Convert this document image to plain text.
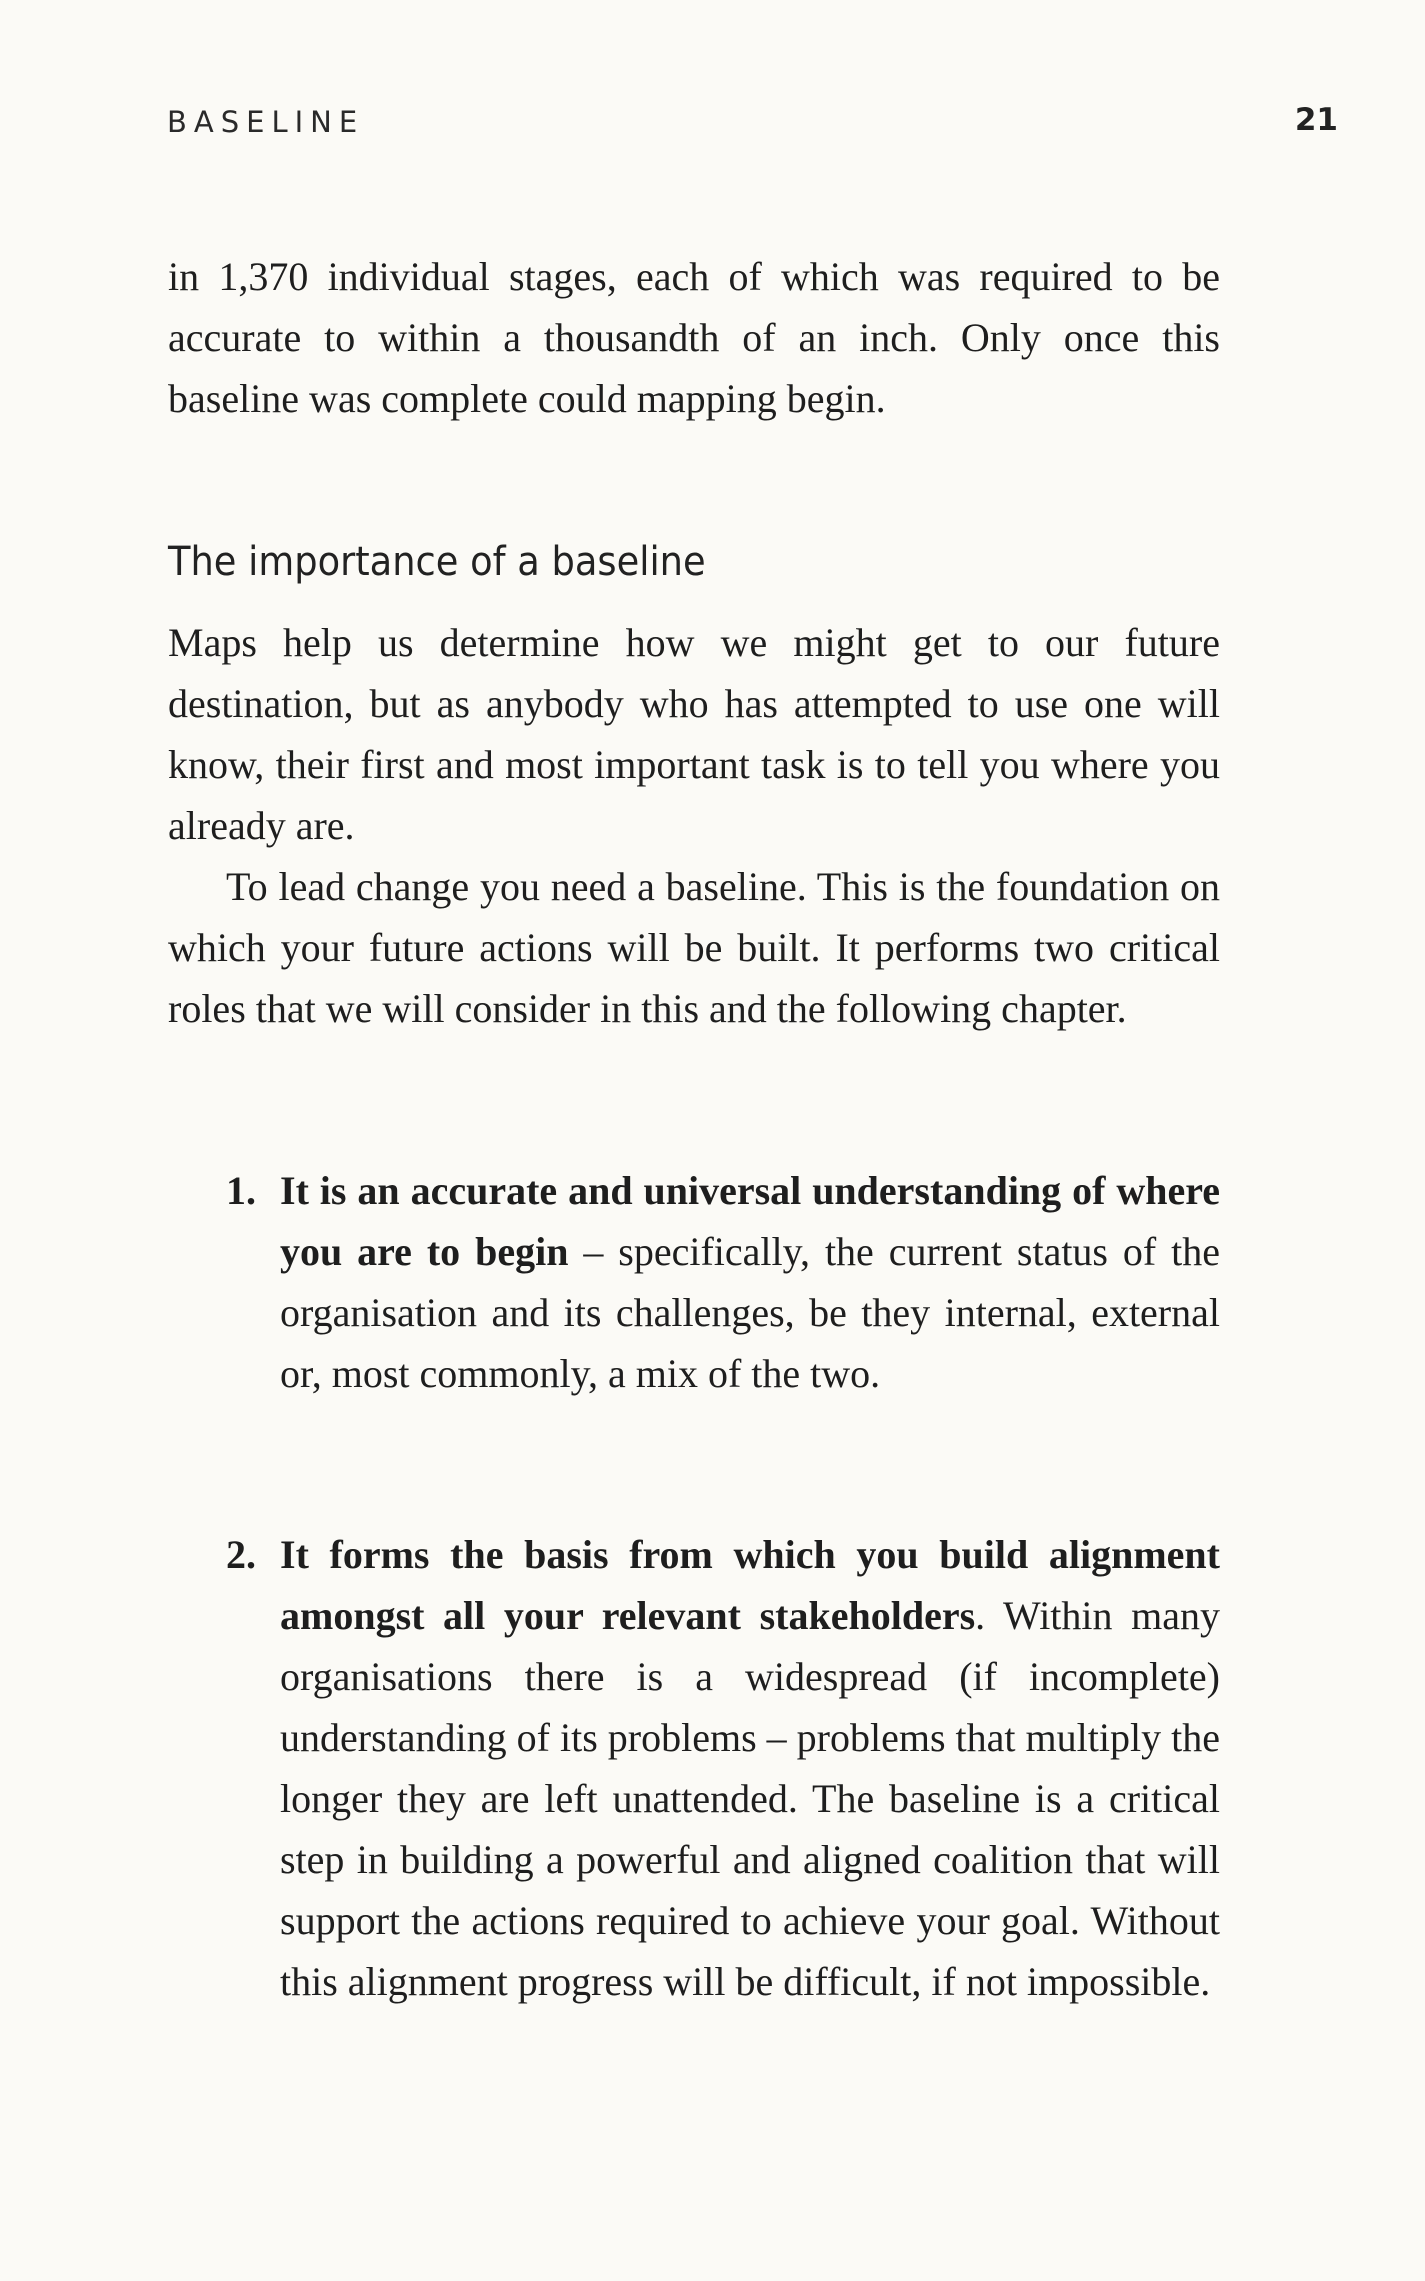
BASELINE	21

in 1,370 individual stages, each of which was required to be accurate to within a thousandth of an inch. Only once this baseline was complete could mapping begin.

The importance of a baseline

Maps help us determine how we might get to our future destination, but as anybody who has attempted to use one will know, their first and most important task is to tell you where you already are.

To lead change you need a baseline. This is the foundation on which your future actions will be built. It performs two critical roles that we will consider in this and the following chapter.

1. It is an accurate and universal understanding of where you are to begin – specifically, the current status of the organisation and its challenges, be they internal, external or, most commonly, a mix of the two.
2. It forms the basis from which you build alignment amongst all your relevant stakeholders. Within many organisations there is a widespread (if incomplete) understanding of its problems – problems that multiply the longer they are left unattended. The baseline is a critical step in building a powerful and aligned coalition that will support the actions required to achieve your goal. Without this alignment progress will be difficult, if not impossible.
